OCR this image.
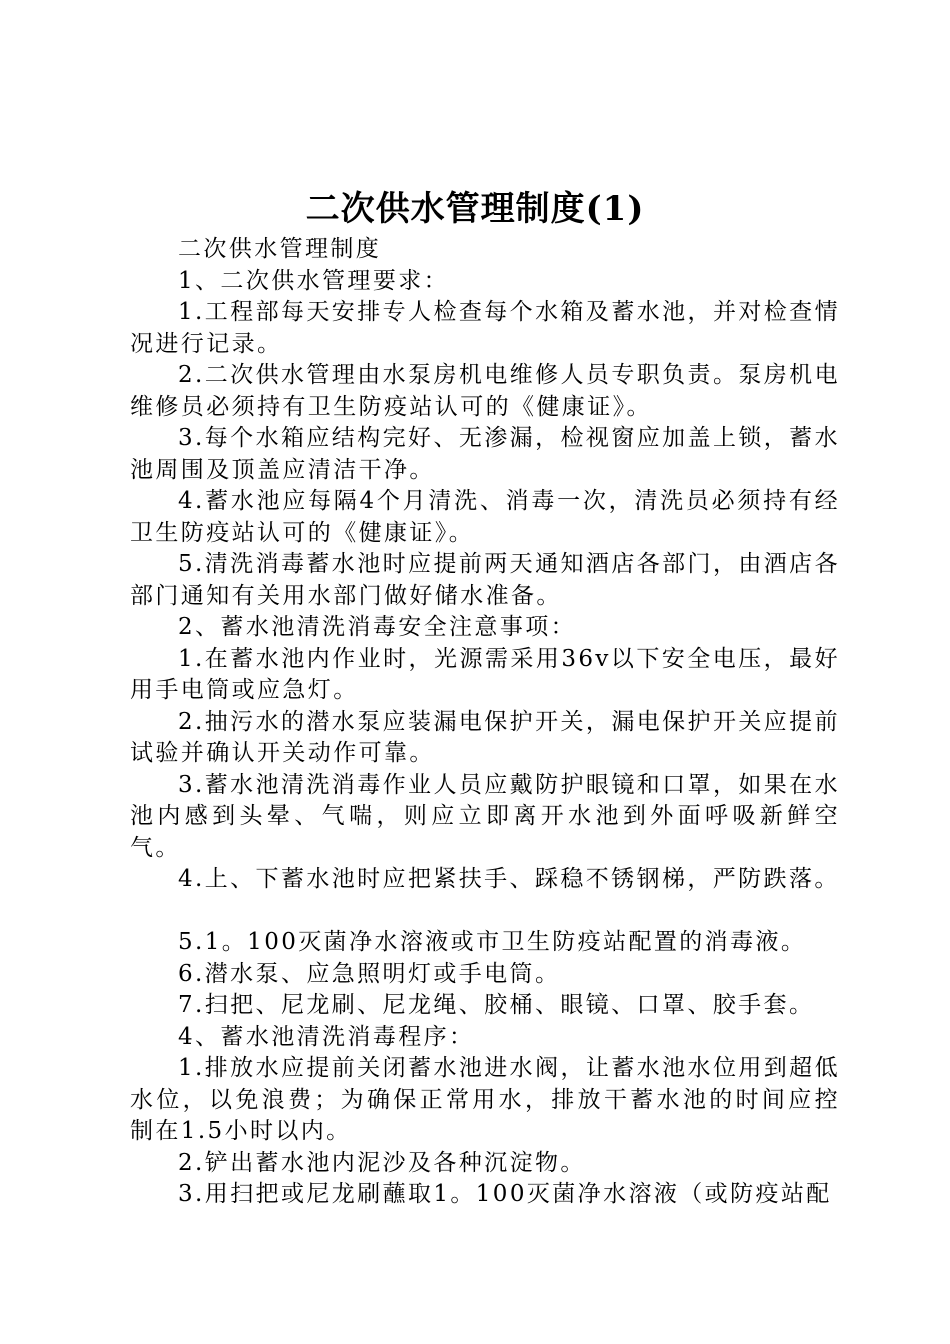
二次供水管理制度(1)

二次供水管理制度

1、二次供水管理要求：

1.工程部每天安排专人检查每个水箱及蓄水池，并对检查情况进行记录。

2.二次供水管理由水泵房机电维修人员专职负责。泵房机电维修员必须持有卫生防疫站认可的《健康证》。

3.每个水箱应结构完好、无渗漏，检视窗应加盖上锁，蓄水池周围及顶盖应清洁干净。

4.蓄水池应每隔4个月清洗、消毒一次，清洗员必须持有经卫生防疫站认可的《健康证》。

5.清洗消毒蓄水池时应提前两天通知酒店各部门，由酒店各部门通知有关用水部门做好储水准备。

2、蓄水池清洗消毒安全注意事项：

1.在蓄水池内作业时，光源需采用36v以下安全电压，最好用手电筒或应急灯。

2.抽污水的潜水泵应装漏电保护开关，漏电保护开关应提前试验并确认开关动作可靠。

3.蓄水池清洗消毒作业人员应戴防护眼镜和口罩，如果在水池内感到头晕、气喘，则应立即离开水池到外面呼吸新鲜空气。

4.上、下蓄水池时应把紧扶手、踩稳不锈钢梯，严防跌落。

5.1。100灭菌净水溶液或市卫生防疫站配置的消毒液。

6.潜水泵、应急照明灯或手电筒。

7.扫把、尼龙刷、尼龙绳、胶桶、眼镜、口罩、胶手套。

4、蓄水池清洗消毒程序：

1.排放水应提前关闭蓄水池进水阀，让蓄水池水位用到超低水位，以免浪费；为确保正常用水，排放干蓄水池的时间应控制在1.5小时以内。

2.铲出蓄水池内泥沙及各种沉淀物。

3.用扫把或尼龙刷蘸取1。100灭菌净水溶液（或防疫站配
